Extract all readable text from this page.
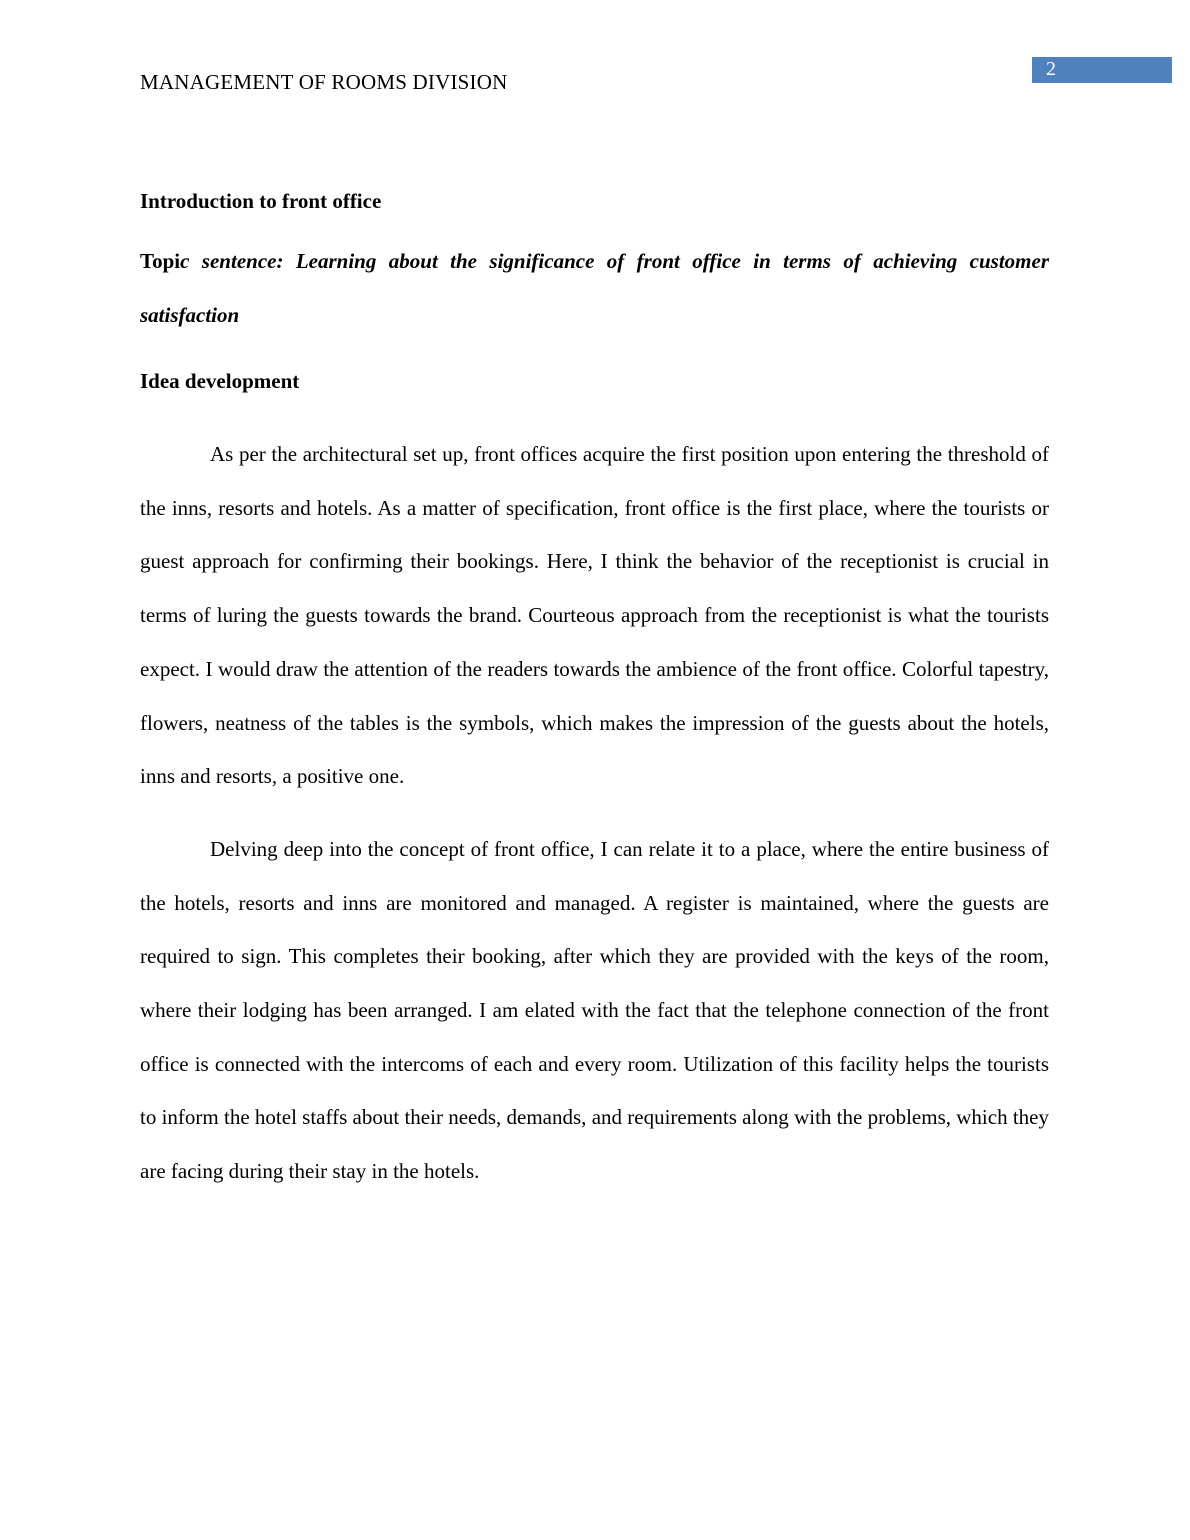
MANAGEMENT OF ROOMS DIVISION
2

Introduction to front office

Topic sentence: Learning about the significance of front office in terms of achieving customer satisfaction

Idea development

As per the architectural set up, front offices acquire the first position upon entering the threshold of the inns, resorts and hotels. As a matter of specification, front office is the first place, where the tourists or guest approach for confirming their bookings. Here, I think the behavior of the receptionist is crucial in terms of luring the guests towards the brand. Courteous approach from the receptionist is what the tourists expect. I would draw the attention of the readers towards the ambience of the front office. Colorful tapestry, flowers, neatness of the tables is the symbols, which makes the impression of the guests about the hotels, inns and resorts, a positive one.

Delving deep into the concept of front office, I can relate it to a place, where the entire business of the hotels, resorts and inns are monitored and managed. A register is maintained, where the guests are required to sign. This completes their booking, after which they are provided with the keys of the room, where their lodging has been arranged. I am elated with the fact that the telephone connection of the front office is connected with the intercoms of each and every room. Utilization of this facility helps the tourists to inform the hotel staffs about their needs, demands, and requirements along with the problems, which they are facing during their stay in the hotels.
